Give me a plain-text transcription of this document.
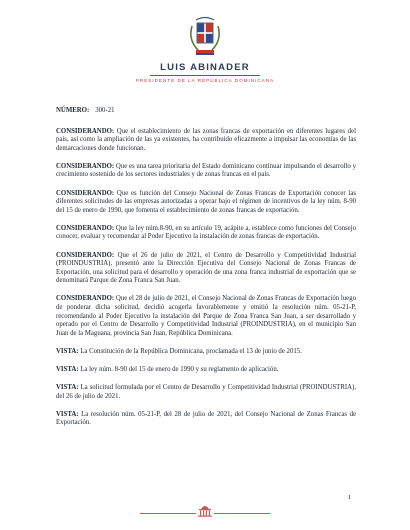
LUIS ABINADER
PRESIDENTE DE LA REPÚBLICA DOMINICANA

NÚMERO: 300-21

CONSIDERANDO: Que el establecimiento de las zonas francas de exportación en diferentes lugares del país, así como la ampliación de las ya existentes, ha contribuido eficazmente a impulsar las economías de las demarcaciones donde funcionan.

CONSIDERANDO: Que es una tarea prioritaria del Estado dominicano continuar impulsando el desarrollo y crecimiento sostenido de los sectores industriales y de zonas francas en el país.

CONSIDERANDO: Que es función del Consejo Nacional de Zonas Francas de Exportación conocer las diferentes solicitudes de las empresas autorizadas a operar bajo el régimen de incentivos de la ley núm. 8-90 del 15 de enero de 1990, que fomenta el establecimiento de zonas francas de exportación.

CONSIDERANDO: Que la ley núm.8-90, en su artículo 19, acápite a, establece como funciones del Consejo conocer, evaluar y recomendar al Poder Ejecutivo la instalación de zonas francas de exportación.

CONSIDERANDO: Que el 26 de julio de 2021, el Centro de Desarrollo y Competitividad Industrial (PROINDUSTRIA), presentó ante la Dirección Ejecutiva del Consejo Nacional de Zonas Francas de Exportación, una solicitud para el desarrollo y operación de una zona franca industrial de exportación que se denominará Parque de Zona Franca San Juan.

CONSIDERANDO: Que el 28 de julio de 2021, el Consejo Nacional de Zonas Francas de Exportación luego de ponderar dicha solicitud, decidió acogerla favorablemente y emitió la resolución núm. 05-21-P, recomendando al Poder Ejecutivo la instalación del Parque de Zona Franca San Juan, a ser desarrollado y operado por el Centro de Desarrollo y Competitividad Industrial (PROINDUSTRIA), en el municipio San Juan de la Maguana, provincia San Juan, República Dominicana.

VISTA: La Constitución de la República Dominicana, proclamada el 13 de junio de 2015.

VISTA: La ley núm. 8-90 del 15 de enero de 1990 y su reglamento de aplicación.

VISTA: La solicitud formulada por el Centro de Desarrollo y Competitividad Industrial (PROINDUSTRIA), del 26 de julio de 2021.

VISTA: La resolución núm. 05-21-P, del 28 de julio de 2021, del Consejo Nacional de Zonas Francas de Exportación.

1
